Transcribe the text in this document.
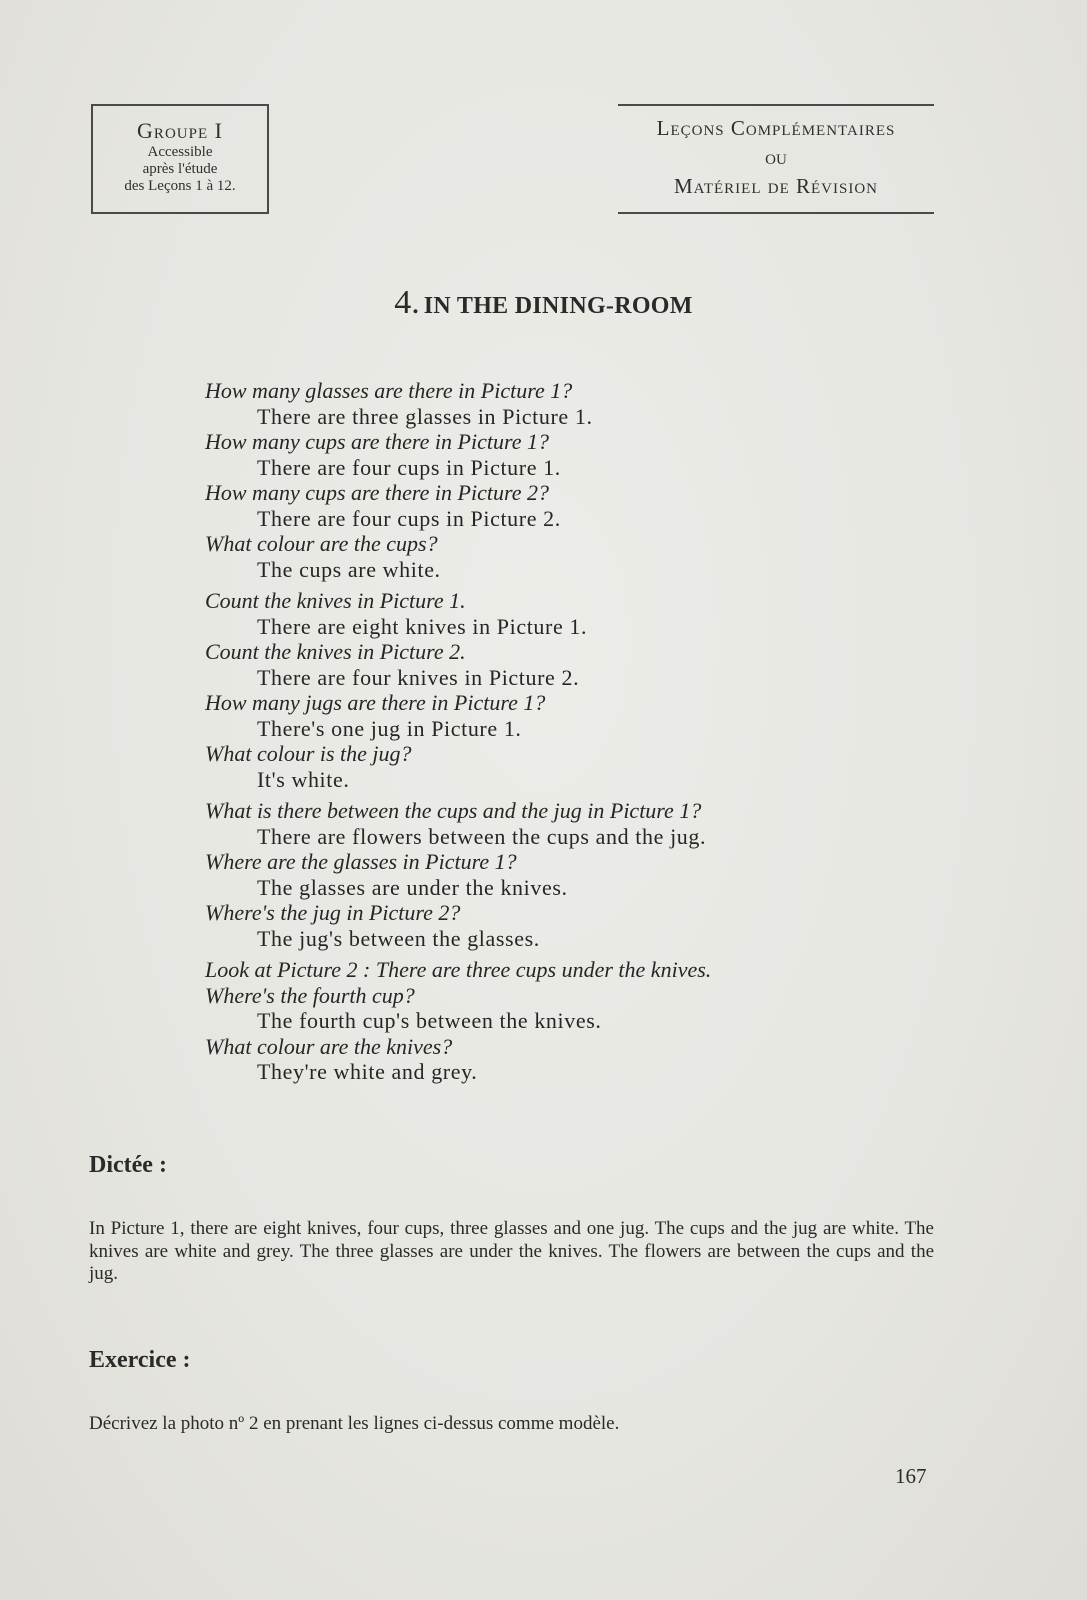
Groupe I
Accessible
après l'étude
des Leçons 1 à 12.
Leçons Complémentaires
ou
Matériel de Révision
4. IN THE DINING-ROOM
How many glasses are there in Picture 1?
There are three glasses in Picture 1.
How many cups are there in Picture 1?
There are four cups in Picture 1.
How many cups are there in Picture 2?
There are four cups in Picture 2.
What colour are the cups?
The cups are white.
Count the knives in Picture 1.
There are eight knives in Picture 1.
Count the knives in Picture 2.
There are four knives in Picture 2.
How many jugs are there in Picture 1?
There's one jug in Picture 1.
What colour is the jug?
It's white.
What is there between the cups and the jug in Picture 1?
There are flowers between the cups and the jug.
Where are the glasses in Picture 1?
The glasses are under the knives.
Where's the jug in Picture 2?
The jug's between the glasses.
Look at Picture 2 : There are three cups under the knives.
Where's the fourth cup?
The fourth cup's between the knives.
What colour are the knives?
They're white and grey.
Dictée :
In Picture 1, there are eight knives, four cups, three glasses and one jug. The cups and the jug are white. The knives are white and grey. The three glasses are under the knives. The flowers are between the cups and the jug.
Exercice :
Décrivez la photo nº 2 en prenant les lignes ci-dessus comme modèle.
167
